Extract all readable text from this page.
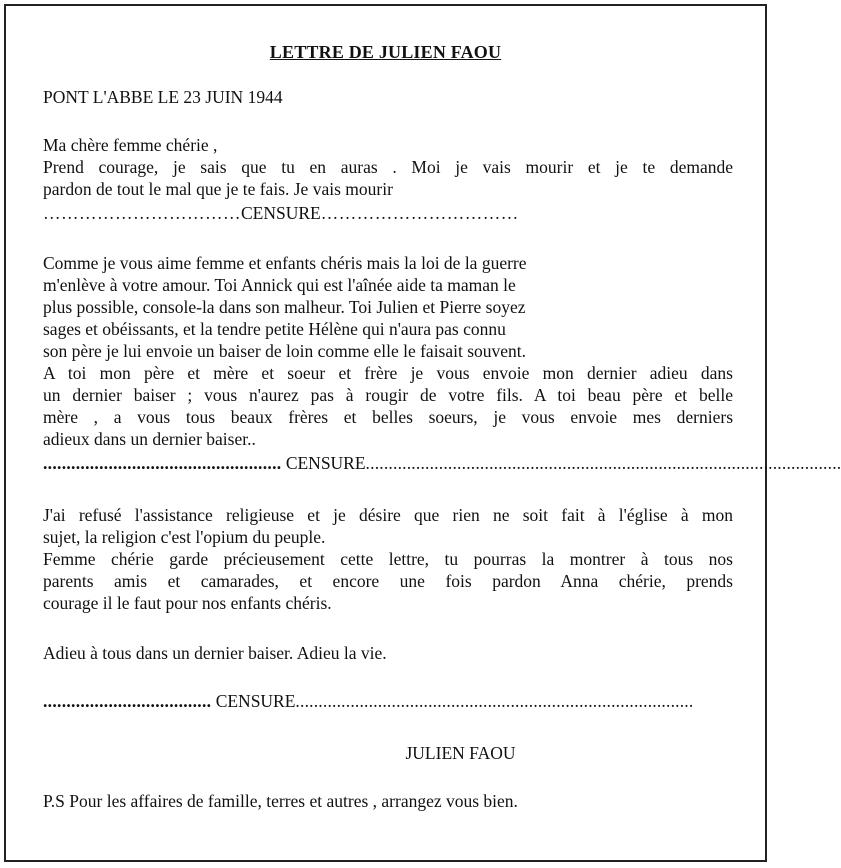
LETTRE DE JULIEN FAOU
PONT L'ABBE LE 23 JUIN 1944
Ma chère femme chérie ,
Prend courage, je sais que tu en auras . Moi je vais mourir et je te demande
pardon de tout le mal que je te fais. Je vais mourir
……………………………CENSURE……………………………
Comme je vous aime femme et enfants chéris mais la loi de la guerre
m'enlève à votre amour. Toi Annick qui est l'aînée aide ta maman le
plus possible, console-la dans son malheur. Toi Julien et Pierre soyez
sages et obéissants, et la tendre petite Hélène qui n'aura pas connu
son père je lui envoie un baiser de loin comme elle le faisait souvent.
A toi mon père et mère et soeur et frère je vous envoie mon dernier adieu dans
un dernier baiser ; vous n'aurez pas à rougir de votre fils. A toi beau père et belle
mère , a vous tous beaux frères et belles soeurs, je vous envoie mes derniers
adieux dans un dernier baiser..
................................................... CENSURE........................................................................................................
J'ai refusé l'assistance religieuse et je désire que rien ne soit fait à l'église à mon
sujet, la religion c'est l'opium du peuple.
Femme chérie garde précieusement cette lettre, tu pourras la montrer à tous nos
parents amis et camarades, et encore une fois pardon Anna chérie, prends
courage il le faut pour nos enfants chéris.
Adieu à tous dans un dernier baiser. Adieu la vie.
.................................... CENSURE.......................................................................................
JULIEN FAOU
P.S Pour les affaires de famille, terres et autres , arrangez vous bien.
